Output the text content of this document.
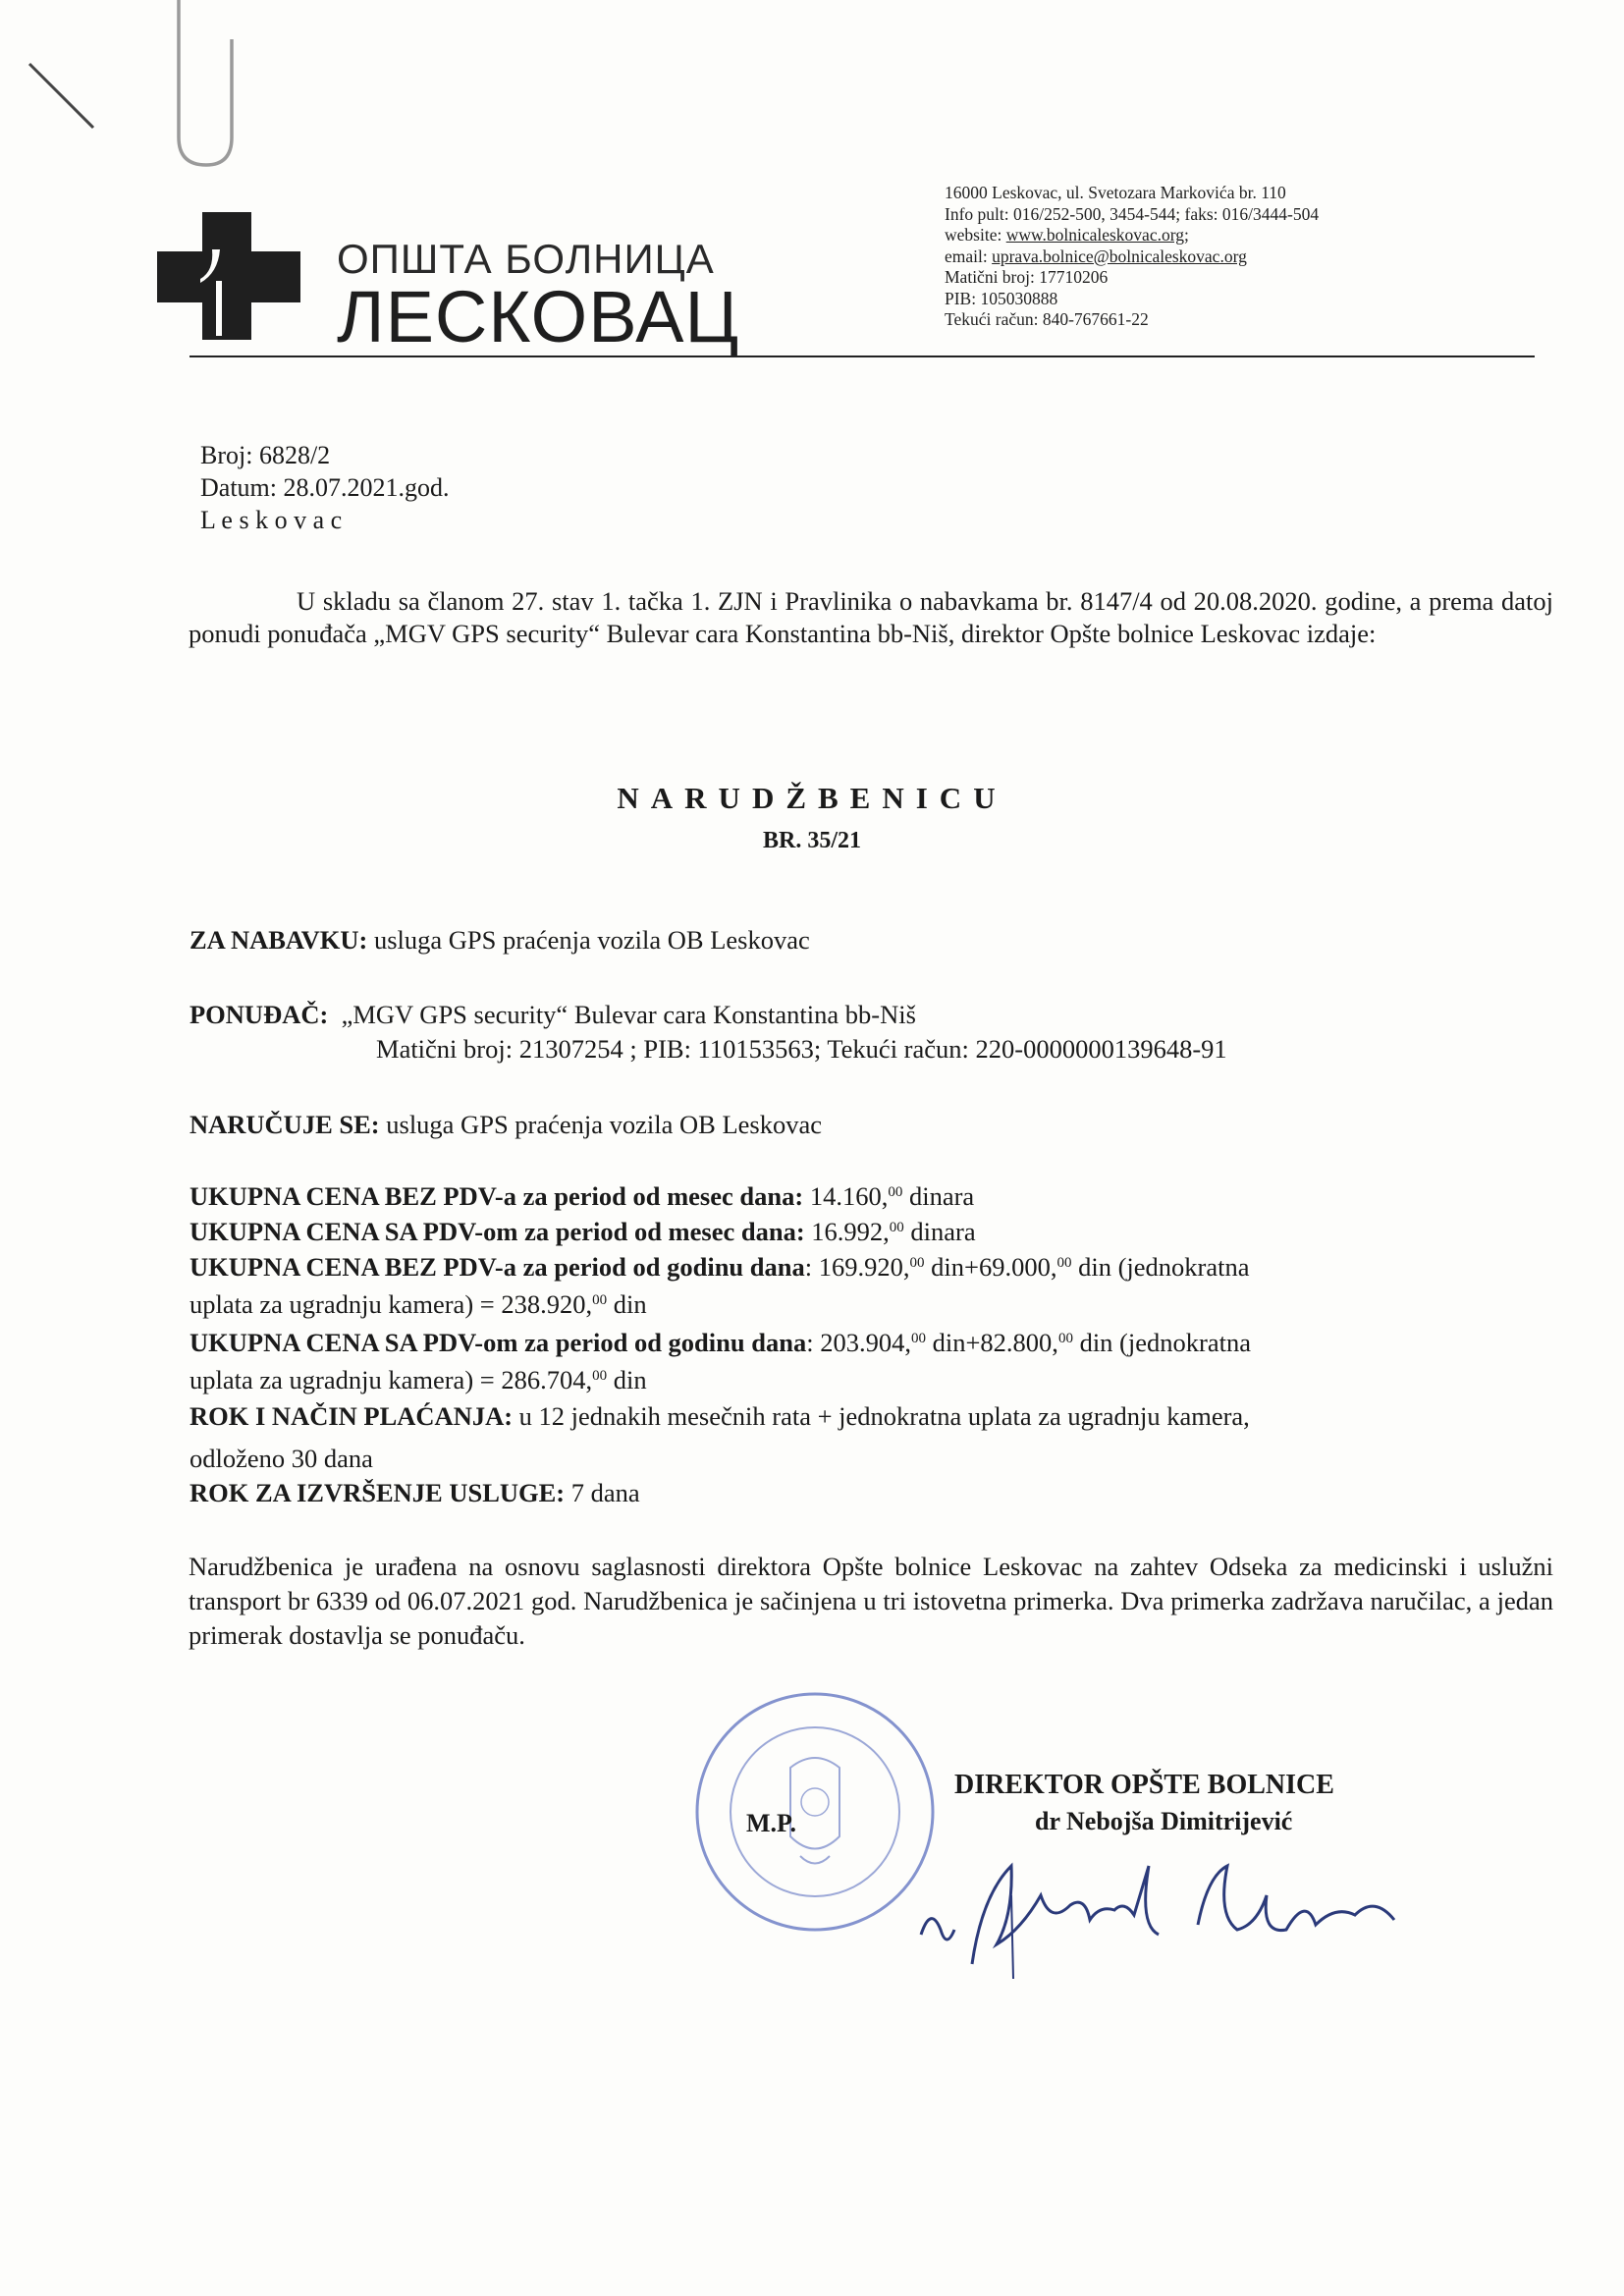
ОПШТА БОЛНИЦА
ЛЕСКОВАЦ
16000 Leskovac, ul. Svetozara Markovića br. 110
Info pult: 016/252-500, 3454-544; faks: 016/3444-504
website: www.bolnicaleskovac.org;
email: uprava.bolnice@bolnicaleskovac.org
Matični broj: 17710206
PIB: 105030888
Tekući račun: 840-767661-22
Broj: 6828/2
Datum: 28.07.2021.god.
L e s k o v a c
U skladu sa članom 27. stav 1. tačka 1. ZJN i Pravlinika o nabavkama br. 8147/4 od 20.08.2020. godine, a prema datoj ponudi ponuđača „MGV GPS security“ Bulevar cara Konstantina bb-Niš, direktor Opšte bolnice Leskovac izdaje:
NARUDŽBENICU
BR. 35/21
ZA NABAVKU: usluga GPS praćenja vozila OB Leskovac
PONUĐAČ: „MGV GPS security“ Bulevar cara Konstantina bb-Niš
Matični broj: 21307254 ; PIB: 110153563; Tekući račun: 220-0000000139648-91
NARUČUJE SE: usluga GPS praćenja vozila OB Leskovac
UKUPNA CENA BEZ PDV-a za period od mesec dana: 14.160,00 dinara
UKUPNA CENA SA PDV-om za period od mesec dana: 16.992,00 dinara
UKUPNA CENA BEZ PDV-a za period od godinu dana: 169.920,00 din+69.000,00 din (jednokratna
uplata za ugradnju kamera) = 238.920,00 din
UKUPNA CENA SA PDV-om za period od godinu dana: 203.904,00 din+82.800,00 din (jednokratna
uplata za ugradnju kamera) = 286.704,00 din
ROK I NAČIN PLAĆANJA: u 12 jednakih mesečnih rata + jednokratna uplata za ugradnju kamera,
odloženo 30 dana
ROK ZA IZVRŠENJE USLUGE: 7 dana
Narudžbenica je urađena na osnovu saglasnosti direktora Opšte bolnice Leskovac na zahtev Odseka za medicinski i uslužni transport br 6339 od 06.07.2021 god. Narudžbenica je sačinjena u tri istovetna primerka. Dva primerka zadržava naručilac, a jedan primerak dostavlja se ponuđaču.
M.P.
DIREKTOR OPŠTE BOLNICE
dr Nebojša Dimitrijević
